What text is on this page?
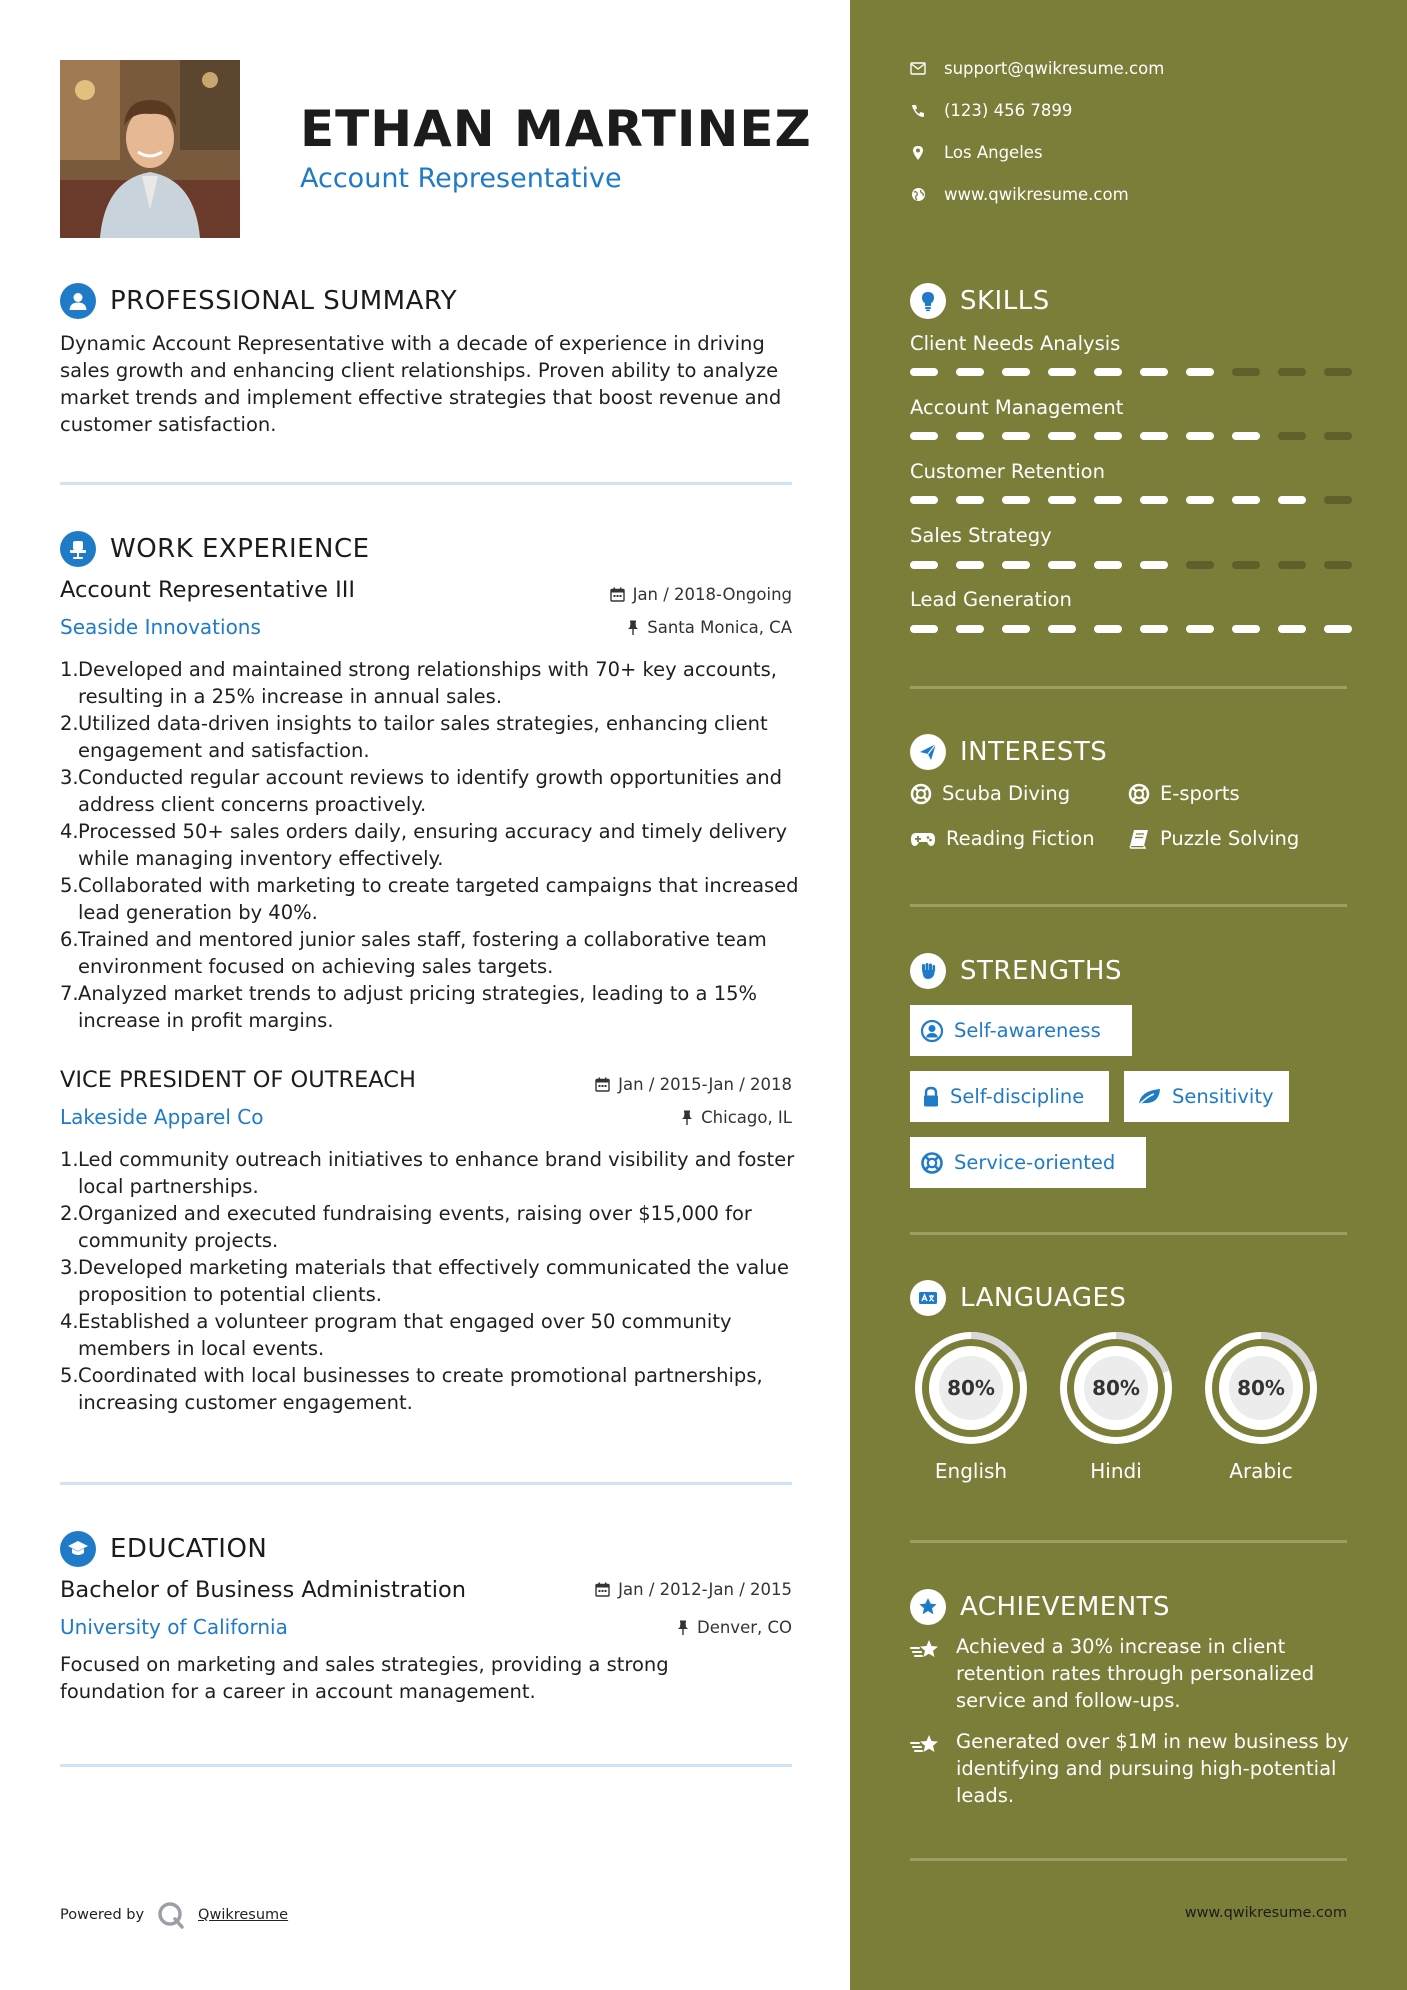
ETHAN MARTINEZ
Account Representative
PROFESSIONAL SUMMARY

Dynamic Account Representative with a decade of experience in driving sales growth and enhancing client relationships. Proven ability to analyze market trends and implement effective strategies that boost revenue and customer satisfaction.

WORK EXPERIENCE
Account Representative III	Jan / 2018-Ongoing
Seaside Innovations	Santa Monica, CA
1. Developed and maintained strong relationships with 70+ key accounts, resulting in a 25% increase in annual sales.
2. Utilized data-driven insights to tailor sales strategies, enhancing client engagement and satisfaction.
3. Conducted regular account reviews to identify growth opportunities and address client concerns proactively.
4. Processed 50+ sales orders daily, ensuring accuracy and timely delivery while managing inventory effectively.
5. Collaborated with marketing to create targeted campaigns that increased lead generation by 40%.
6. Trained and mentored junior sales staff, fostering a collaborative team environment focused on achieving sales targets.
7. Analyzed market trends to adjust pricing strategies, leading to a 15% increase in profit margins.
VICE PRESIDENT OF OUTREACH	Jan / 2015-Jan / 2018
Lakeside Apparel Co	Chicago, IL
1. Led community outreach initiatives to enhance brand visibility and foster local partnerships.
2. Organized and executed fundraising events, raising over $15,000 for community projects.
3. Developed marketing materials that effectively communicated the value proposition to potential clients.
4. Established a volunteer program that engaged over 50 community members in local events.
5. Coordinated with local businesses to create promotional partnerships, increasing customer engagement.
EDUCATION
Bachelor of Business Administration	Jan / 2012-Jan / 2015
University of California	Denver, CO

Focused on marketing and sales strategies, providing a strong foundation for a career in account management.

Powered by	Qwikresume
support@qwikresume.com
(123) 456 7899
Los Angeles
www.qwikresume.com
SKILLS
Client Needs Analysis
Account Management
Customer Retention
Sales Strategy
Lead Generation
INTERESTS
Scuba Diving	E-sports
Reading Fiction	Puzzle Solving
STRENGTHS
Self-awareness
Self-discipline	Sensitivity
Service-oriented
LANGUAGES
80%
English
80%
Hindi
80%
Arabic
ACHIEVEMENTS
Achieved a 30% increase in client retention rates through personalized service and follow-ups.
Generated over $1M in new business by identifying and pursuing high-potential leads.
www.qwikresume.com
